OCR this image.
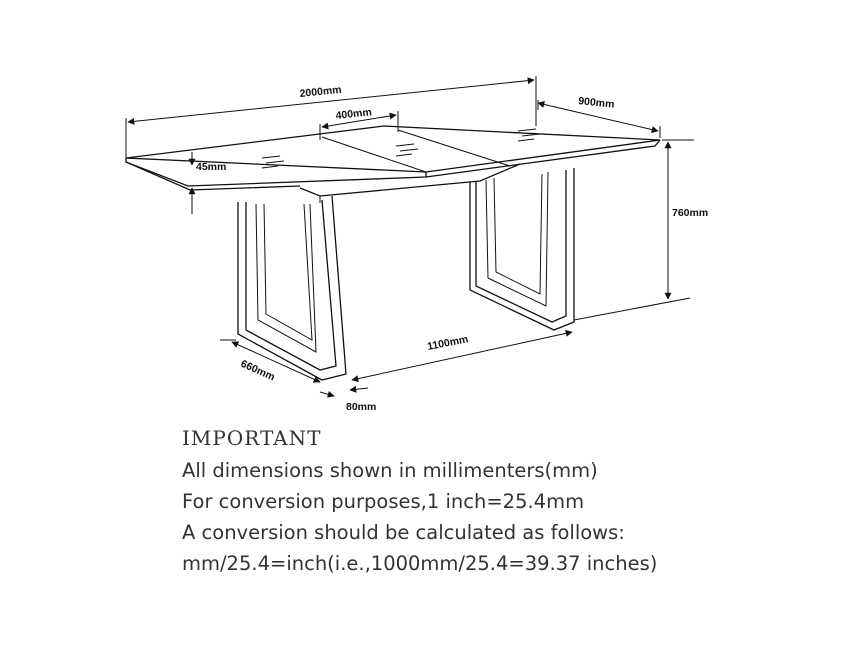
2000mm
400mm
900mm
45mm
760mm
1100mm
660mm
80mm
IMPORTANT
All dimensions shown in millimenters(mm)
For conversion purposes,1 inch=25.4mm
A conversion should be calculated as follows:
mm/25.4=inch(i.e.,1000mm/25.4=39.37 inches)
